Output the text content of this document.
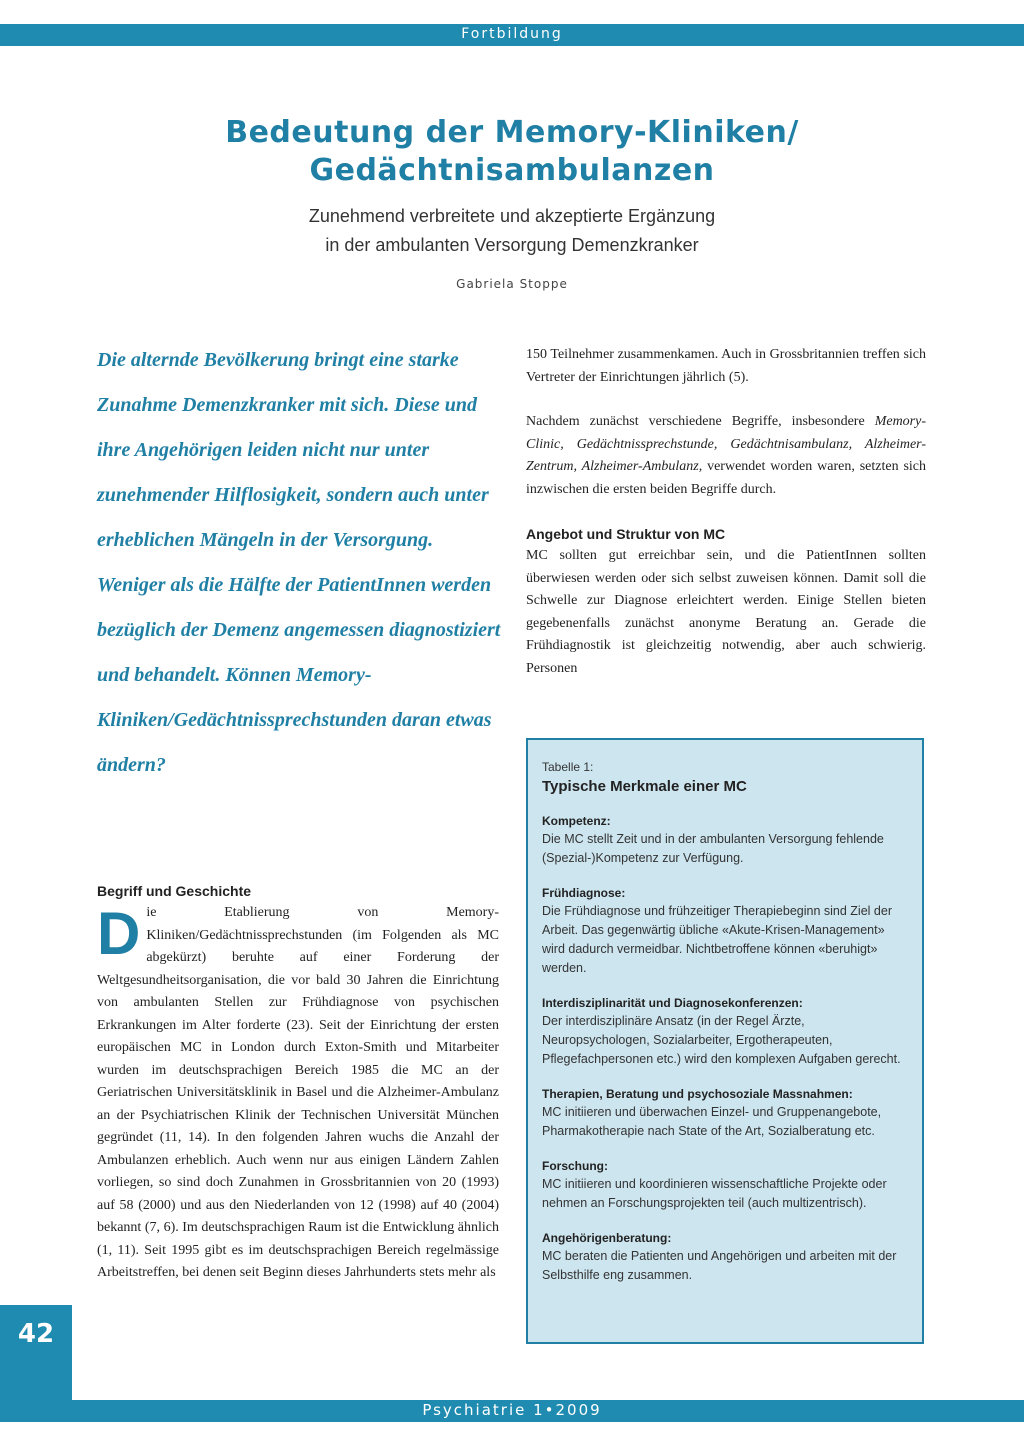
Fortbildung
Bedeutung der Memory-Kliniken/
Gedächtnisambulanzen
Zunehmend verbreitete und akzeptierte Ergänzung
in der ambulanten Versorgung Demenzkranker
Gabriela Stoppe
Die alternde Bevölkerung bringt eine starke Zunahme Demenzkranker mit sich. Diese und ihre Angehörigen leiden nicht nur unter zunehmender Hilflosigkeit, sondern auch unter erheblichen Mängeln in der Versorgung. Weniger als die Hälfte der PatientInnen werden bezüglich der Demenz angemessen diagnostiziert und behandelt. Können Memory-Kliniken/Gedächtnissprechstunden daran etwas ändern?
Begriff und Geschichte
D ie Etablierung von Memory-Kliniken/Gedächtnissprechstunden (im Folgenden als MC abgekürzt) beruhte auf einer Forderung der Weltgesundheitsorganisation, die vor bald 30 Jahren die Einrichtung von ambulanten Stellen zur Frühdiagnose von psychischen Erkrankungen im Alter forderte (23). Seit der Einrichtung der ersten europäischen MC in London durch Exton-Smith und Mitarbeiter wurden im deutschsprachigen Bereich 1985 die MC an der Geriatrischen Universitätsklinik in Basel und die Alzheimer-Ambulanz an der Psychiatrischen Klinik der Technischen Universität München gegründet (11, 14). In den folgenden Jahren wuchs die Anzahl der Ambulanzen erheblich. Auch wenn nur aus einigen Ländern Zahlen vorliegen, so sind doch Zunahmen in Grossbritannien von 20 (1993) auf 58 (2000) und aus den Niederlanden von 12 (1998) auf 40 (2004) bekannt (7, 6). Im deutschsprachigen Raum ist die Entwicklung ähnlich (1, 11). Seit 1995 gibt es im deutschsprachigen Bereich regelmässige Arbeitstreffen, bei denen seit Beginn dieses Jahrhunderts stets mehr als
150 Teilnehmer zusammenkamen. Auch in Grossbritannien treffen sich Vertreter der Einrichtungen jährlich (5).
Nachdem zunächst verschiedene Begriffe, insbesondere Memory-Clinic, Gedächtnissprechstunde, Gedächtnisambulanz, Alzheimer-Zentrum, Alzheimer-Ambulanz, verwendet worden waren, setzten sich inzwischen die ersten beiden Begriffe durch.
Angebot und Struktur von MC
MC sollten gut erreichbar sein, und die PatientInnen sollten überwiesen werden oder sich selbst zuweisen können. Damit soll die Schwelle zur Diagnose erleichtert werden. Einige Stellen bieten gegebenenfalls zunächst anonyme Beratung an. Gerade die Frühdiagnostik ist gleichzeitig notwendig, aber auch schwierig. Personen
Tabelle 1:
Typische Merkmale einer MC
Kompetenz:
Die MC stellt Zeit und in der ambulanten Versorgung fehlende (Spezial-)Kompetenz zur Verfügung.
Frühdiagnose:
Die Frühdiagnose und frühzeitiger Therapiebeginn sind Ziel der Arbeit. Das gegenwärtig übliche «Akute-Krisen-Management» wird dadurch vermeidbar. Nichtbetroffene können «beruhigt» werden.
Interdisziplinarität und Diagnosekonferenzen:
Der interdisziplinäre Ansatz (in der Regel Ärzte, Neuropsychologen, Sozialarbeiter, Ergotherapeuten, Pflegefachpersonen etc.) wird den komplexen Aufgaben gerecht.
Therapien, Beratung und psychosoziale Massnahmen:
MC initiieren und überwachen Einzel- und Gruppenangebote, Pharmakotherapie nach State of the Art, Sozialberatung etc.
Forschung:
MC initiieren und koordinieren wissenschaftliche Projekte oder nehmen an Forschungsprojekten teil (auch multizentrisch).
Angehörigenberatung:
MC beraten die Patienten und Angehörigen und arbeiten mit der Selbsthilfe eng zusammen.
42
Psychiatrie 1•2009
